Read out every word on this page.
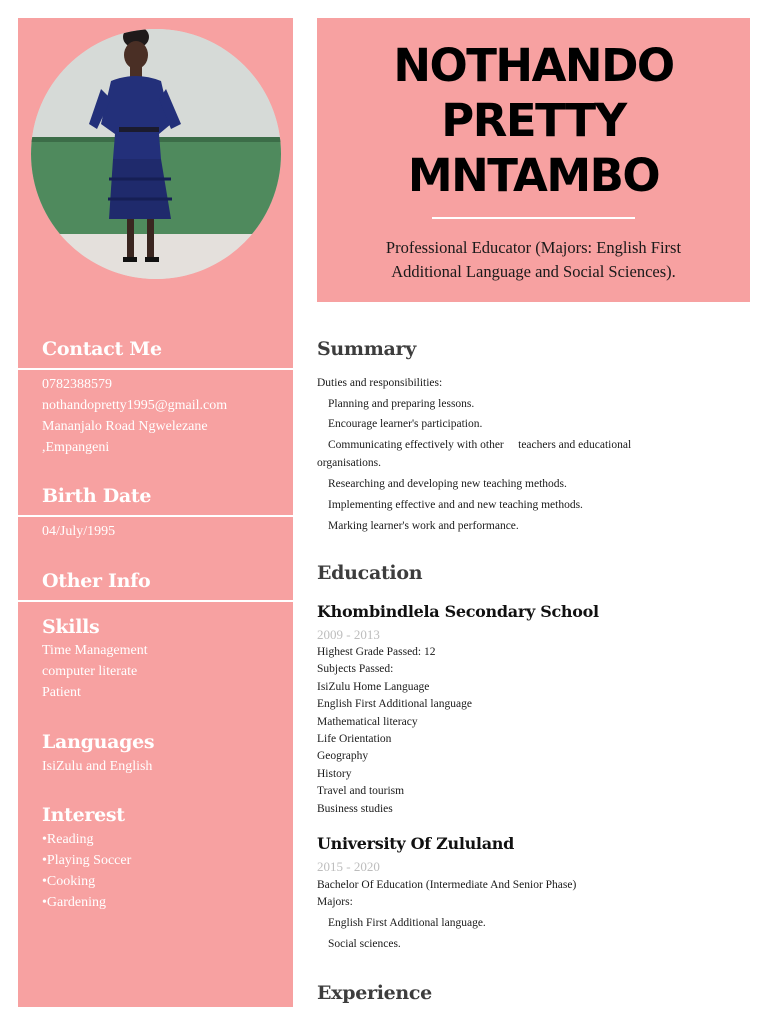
Contact Me
0782388579
nothandopretty1995@gmail.com
Mananjalo Road Ngwelezane
,Empangeni
Birth Date
04/July/1995
Other Info
Skills
Time Management
computer literate
Patient
Languages
IsiZulu and English
Interest
•Reading
•Playing Soccer
•Cooking
•Gardening
NOTHANDO
PRETTY
MNTAMBO
Professional Educator (Majors: English First
Additional Language and Social Sciences).
Summary
Duties and responsibilities:
Planning and preparing lessons.
Encourage learner's participation.
Communicating effectively with other     teachers and educational
organisations.
Researching and developing new teaching methods.
Implementing effective and and new teaching methods.
Marking learner's work and performance.
Education
Khombindlela Secondary School
2009 - 2013
Highest Grade Passed: 12
Subjects Passed:
IsiZulu Home Language
English First Additional language
Mathematical literacy
Life Orientation
Geography
History
Travel and tourism
Business studies
University Of Zululand
2015 - 2020
Bachelor Of Education (Intermediate And Senior Phase)
Majors:
English First Additional language.
Social sciences.
Experience
